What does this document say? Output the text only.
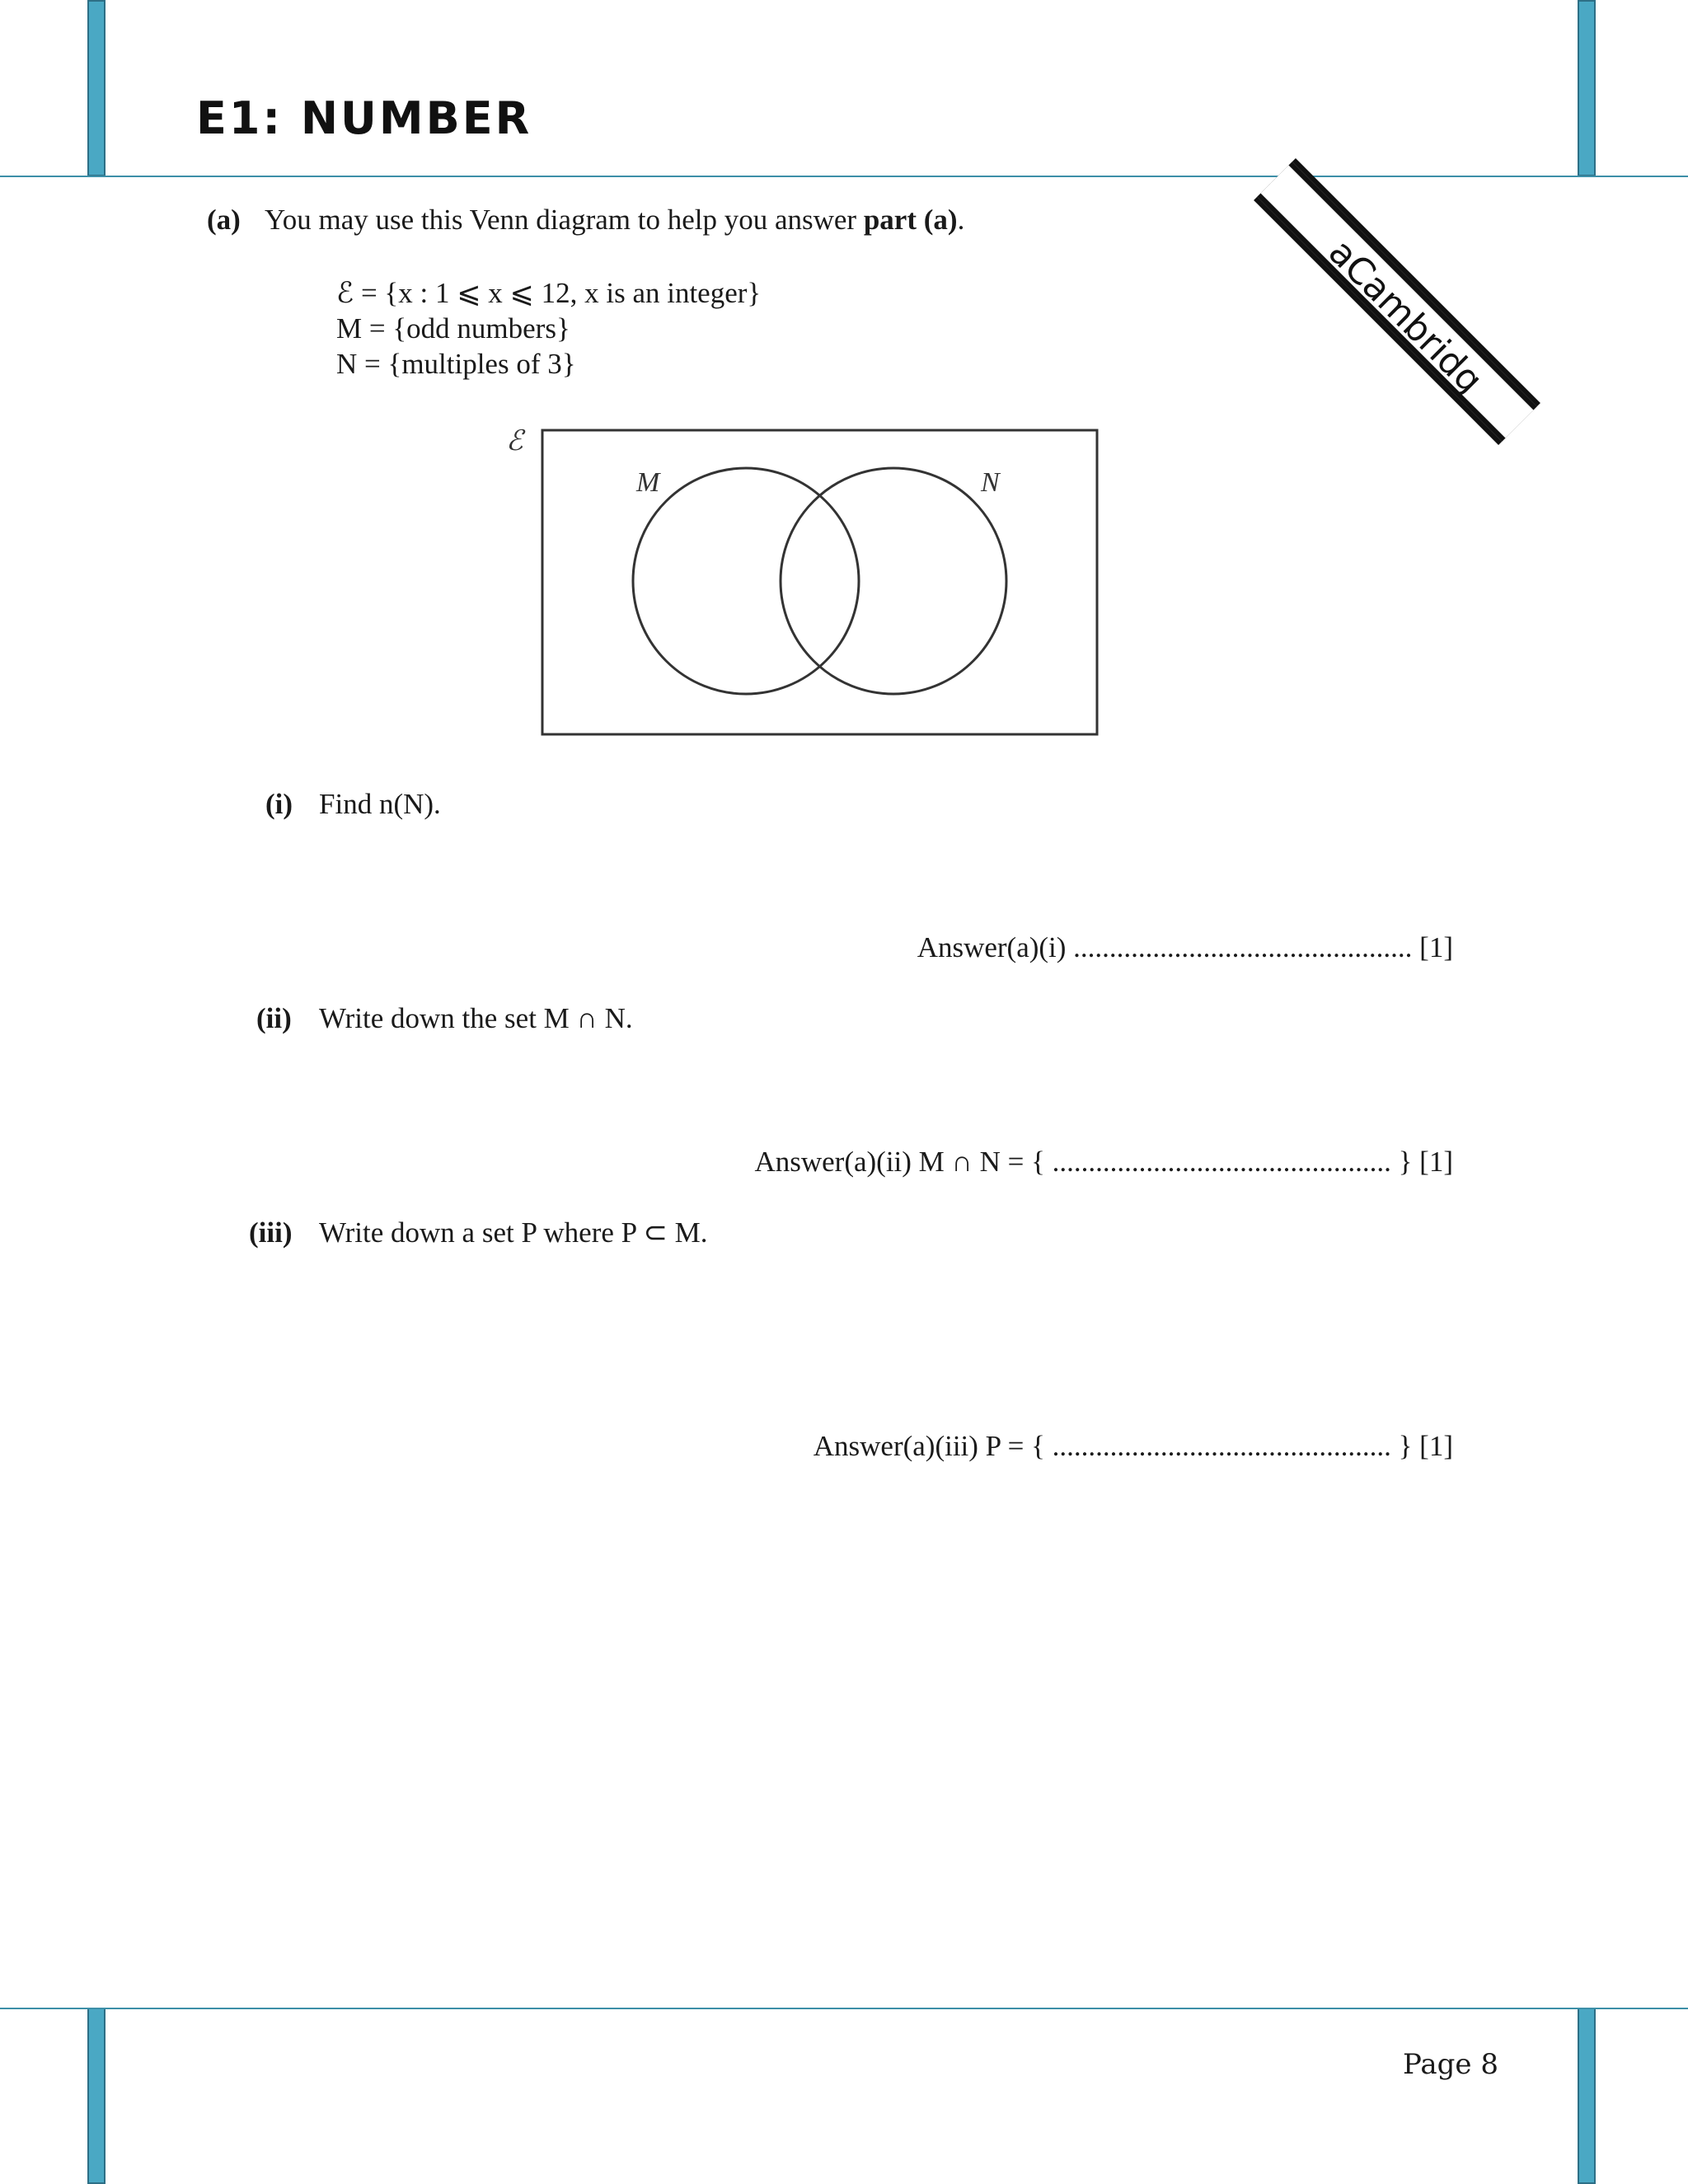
E1: NUMBER
aCambridg
(a) You may use this Venn diagram to help you answer part (a).
ℰ = {x : 1 ⩽ x ⩽ 12, x is an integer}
M = {odd numbers}
N = {multiples of 3}
ℰ
M	N
(i) Find n(N).
Answer(a)(i) ............................................... [1]
(ii) Write down the set M ∩ N.
Answer(a)(ii) M ∩ N = { ............................................... } [1]
(iii) Write down a set P where P ⊂ M.
Answer(a)(iii) P = { ............................................... } [1]
Page 8
